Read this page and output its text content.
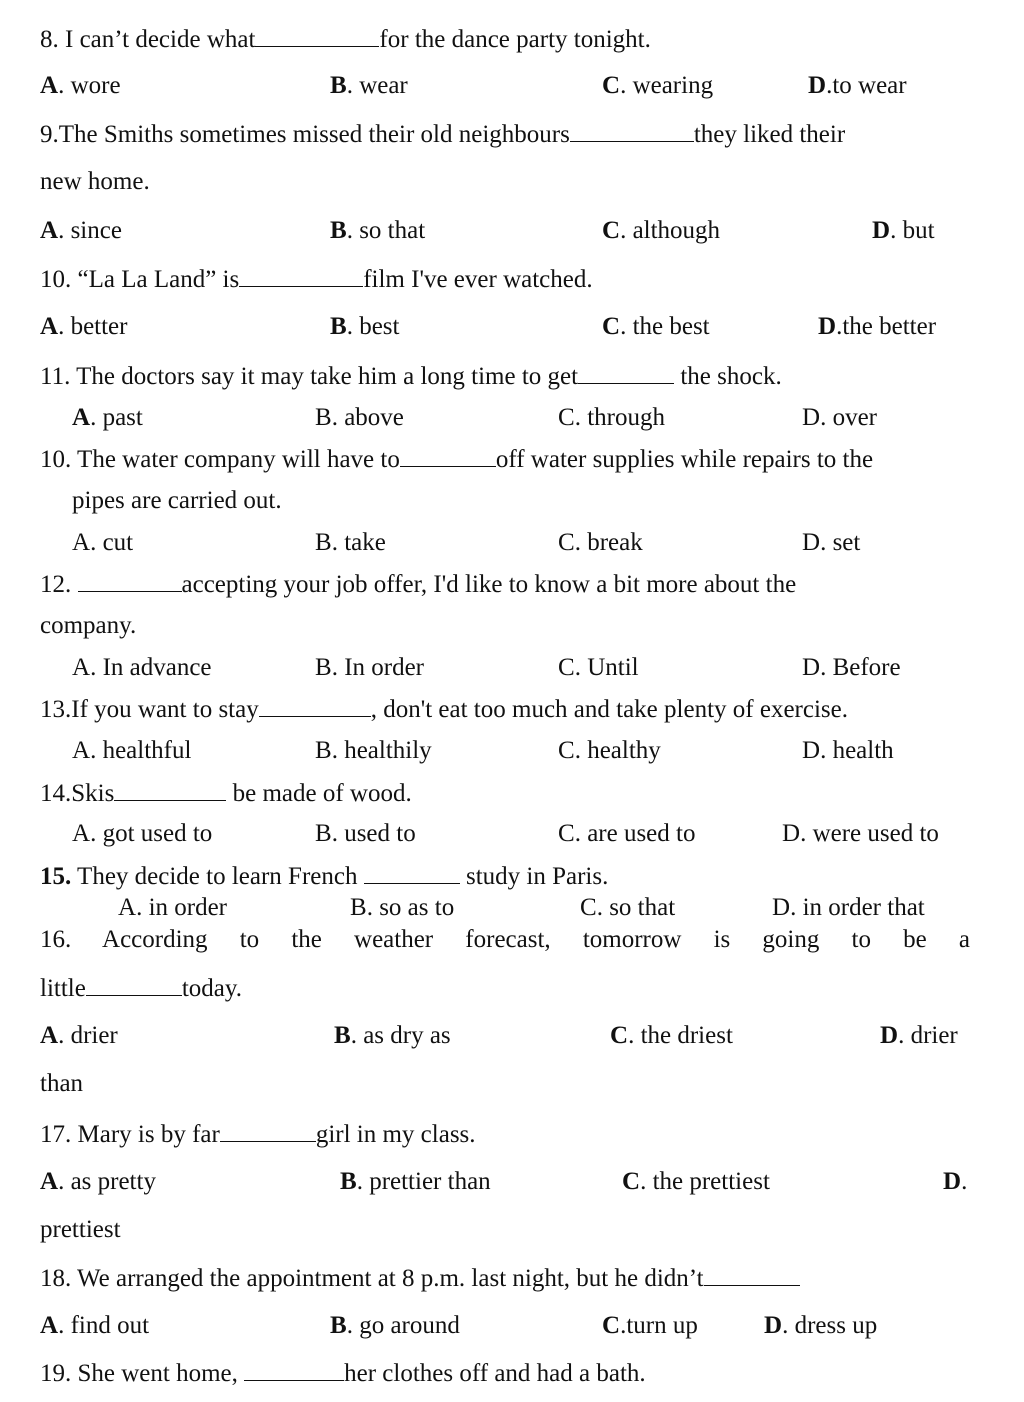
8. I can’t decide what	for the dance party tonight.
A. wore	B. wear	C. wearing	D.to wear
9.The Smiths sometimes missed their old neighbours	they liked their
new home.
A. since	B. so that	C. although	D. but
10. “La La Land” is	film I've ever watched.
A. better	B. best	C. the best	D.the better
11. The doctors say it may take him a long time to get	the shock.
A. past	B. above	C. through	D. over
10. The water company will have to	off water supplies while repairs to the
pipes are carried out.
A. cut	B. take	C. break	D. set
12.	accepting your job offer, I'd like to know a bit more about the
company.
A. In advance	B. In order	C. Until	D. Before
13.If you want to stay	, don't eat too much and take plenty of exercise.
A. healthful	B. healthily	C. healthy	D. health
14.Skis	be made of wood.
A. got used to	B. used to	C. are used to	D. were used to
15. They decide to learn French	study in Paris.
A. in order	B. so as to	C. so that	D. in order that
16. According to the weather forecast, tomorrow is going to be a
little	today.
A. drier	B. as dry as	C. the driest	D. drier
than
17. Mary is by far	girl in my class.
A. as pretty	B. prettier than	C. the prettiest	D.
prettiest
18. We arranged the appointment at 8 p.m. last night, but he didn’t
A. find out	B. go around	C.turn up	D. dress up
19. She went home,	her clothes off and had a bath.
